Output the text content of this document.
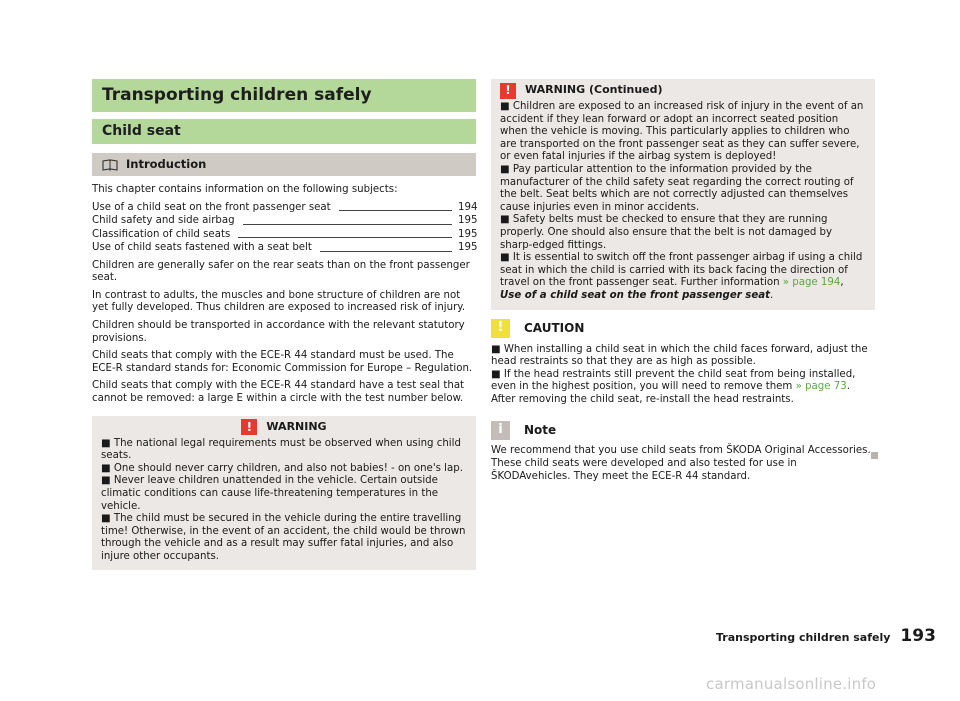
Transporting children safely
Child seat
Introduction

This chapter contains information on the following subjects:

Use of a child seat on the front passenger seat	194
Child safety and side airbag	195
Classification of child seats	195
Use of child seats fastened with a seat belt	195

Children are generally safer on the rear seats than on the front passenger seat.

In contrast to adults, the muscles and bone structure of children are not yet fully developed. Thus children are exposed to increased risk of injury.

Children should be transported in accordance with the relevant statutory provisions.

Child seats that comply with the ECE-R 44 standard must be used. The ECE-R standard stands for: Economic Commission for Europe – Regulation.

Child seats that comply with the ECE-R 44 standard have a test seal that cannot be removed: a large E within a circle with the test number below.

!	WARNING

■ The national legal requirements must be observed when using child seats.

■ One should never carry children, and also not babies! - on one's lap.

■ Never leave children unattended in the vehicle. Certain outside climatic conditions can cause life-threatening temperatures in the vehicle.

■ The child must be secured in the vehicle during the entire travelling time! Otherwise, in the event of an accident, the child would be thrown through the vehicle and as a result may suffer fatal injuries, and also injure other occupants.

!	WARNING (Continued)

■ Children are exposed to an increased risk of injury in the event of an accident if they lean forward or adopt an incorrect seated position when the vehicle is moving. This particularly applies to children who are transported on the front passenger seat as they can suffer severe, or even fatal injuries if the airbag system is deployed!

■ Pay particular attention to the information provided by the manufacturer of the child safety seat regarding the correct routing of the belt. Seat belts which are not correctly adjusted can themselves cause injuries even in minor accidents.

■ Safety belts must be checked to ensure that they are running properly. One should also ensure that the belt is not damaged by sharp-edged fittings.

■ It is essential to switch off the front passenger airbag if using a child seat in which the child is carried with its back facing the direction of travel on the front passenger seat. Further information » page 194, Use of a child seat on the front passenger seat.

!	CAUTION

■ When installing a child seat in which the child faces forward, adjust the head restraints so that they are as high as possible.

■ If the head restraints still prevent the child seat from being installed, even in the highest position, you will need to remove them » page 73. After removing the child seat, re-install the head restraints.

i	Note

We recommend that you use child seats from ŠKODA Original Accessories. These child seats were developed and also tested for use in ŠKODAvehicles. They meet the ECE-R 44 standard.

Transporting children safely 193
carmanualsonline.info
